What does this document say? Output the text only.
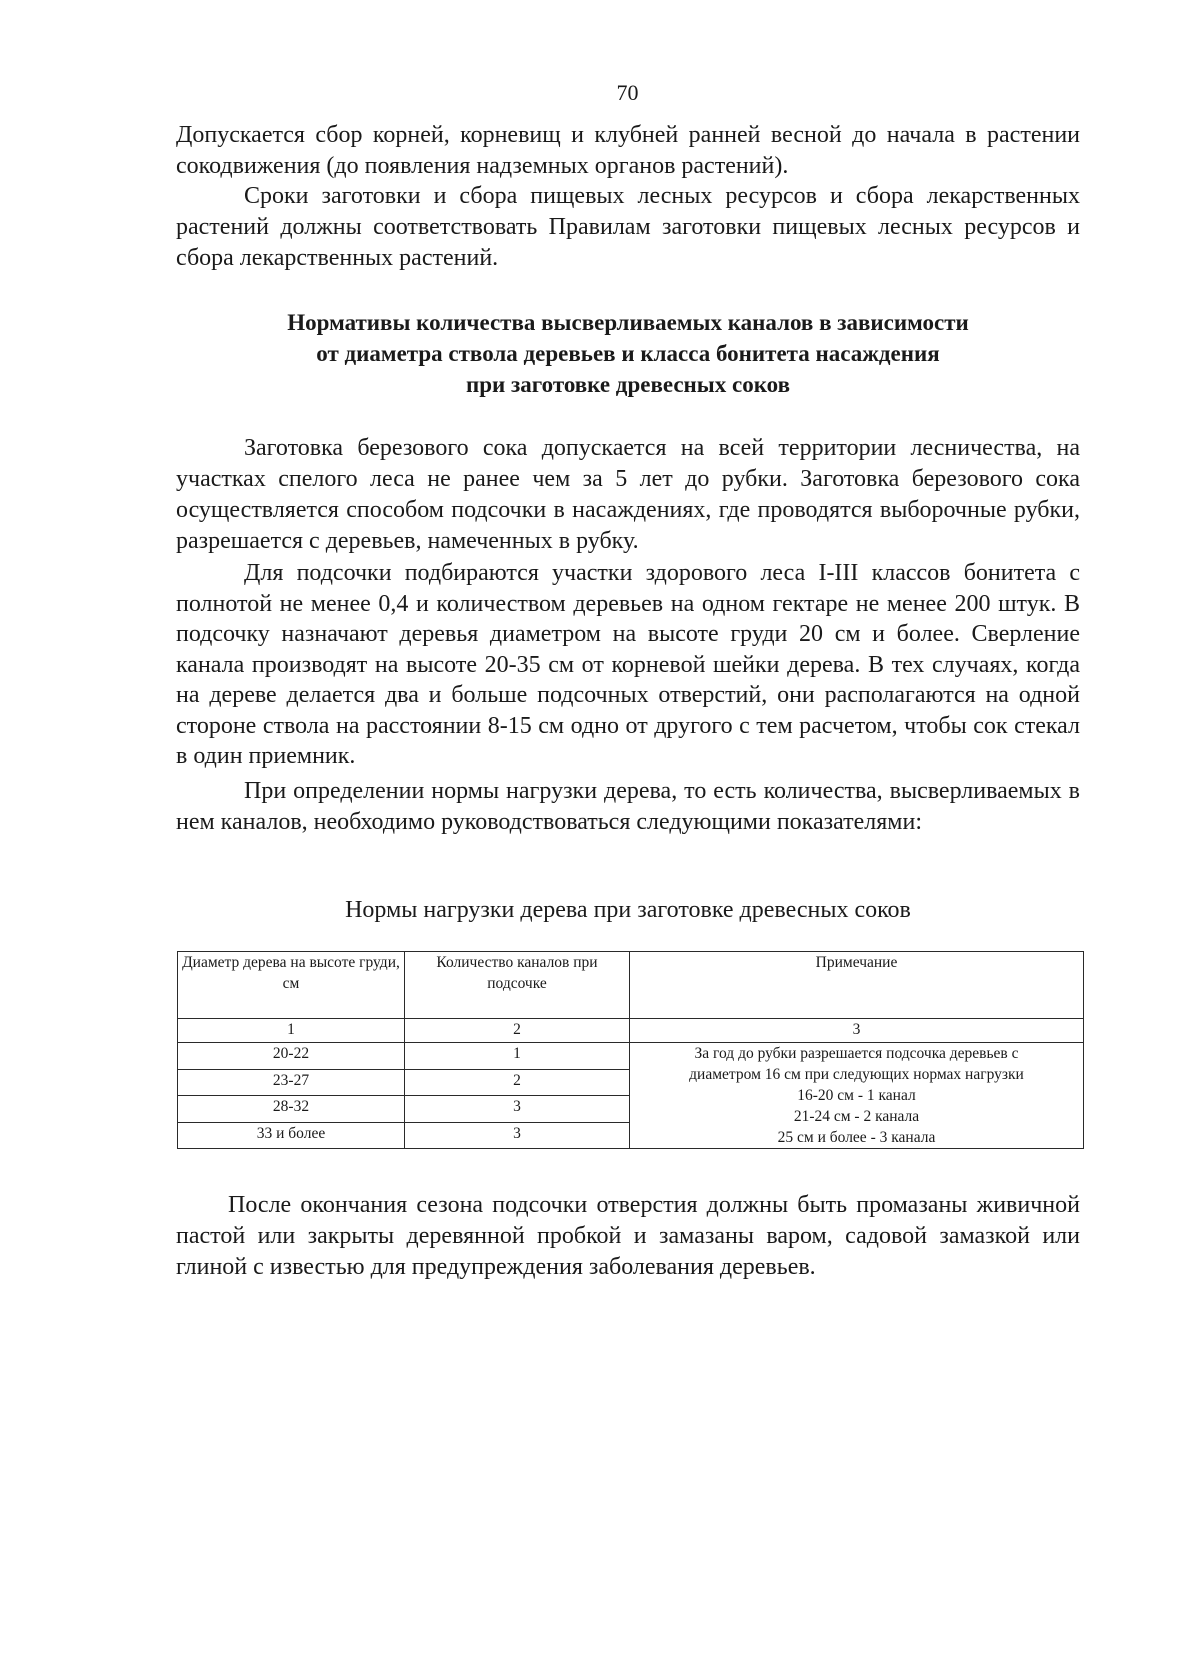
70

Допускается сбор корней, корневищ и клубней ранней весной до начала в растении сокодвижения (до появления надземных органов растений).

Сроки заготовки и сбора пищевых лесных ресурсов и сбора лекарственных растений должны соответствовать Правилам заготовки пищевых лесных ресурсов и сбора лекарственных растений.

Нормативы количества высверливаемых каналов в зависимости
от диаметра ствола деревьев и класса бонитета насаждения
при заготовке древесных соков

Заготовка березового сока допускается на всей территории лесничества, на участках спелого леса не ранее чем за 5 лет до рубки. Заготовка березового сока осуществляется способом подсочки в насаждениях, где проводятся выборочные рубки, разрешается с деревьев, намеченных в рубку.

Для подсочки подбираются участки здорового леса I-III классов бонитета с полнотой не менее 0,4 и количеством деревьев на одном гектаре не менее 200 штук. В подсочку назначают деревья диаметром на высоте груди 20 см и более. Сверление канала производят на высоте 20-35 см от корневой шейки дерева. В тех случаях, когда на дереве делается два и больше подсочных отверстий, они располагаются на одной стороне ствола на расстоянии 8-15 см одно от другого с тем расчетом, чтобы сок стекал в один приемник.

При определении нормы нагрузки дерева, то есть количества, высверливаемых в нем каналов, необходимо руководствоваться следующими показателями:

Нормы нагрузки дерева при заготовке древесных соков

Диаметр дерева на высоте груди, см	Количество каналов при подсочке	Примечание
1	2	3
20-22	1	За год до рубки разрешается подсочка деревьев с
диаметром 16 см при следующих нормах нагрузки
16-20 см - 1 канал
21-24 см - 2 канала
25 см и более - 3 канала
23-27	2	
28-32	3	
33 и более	3	

После окончания сезона подсочки отверстия должны быть промазаны живичной пастой или закрыты деревянной пробкой и замазаны варом, садовой замазкой или глиной с известью для предупреждения заболевания деревьев.
